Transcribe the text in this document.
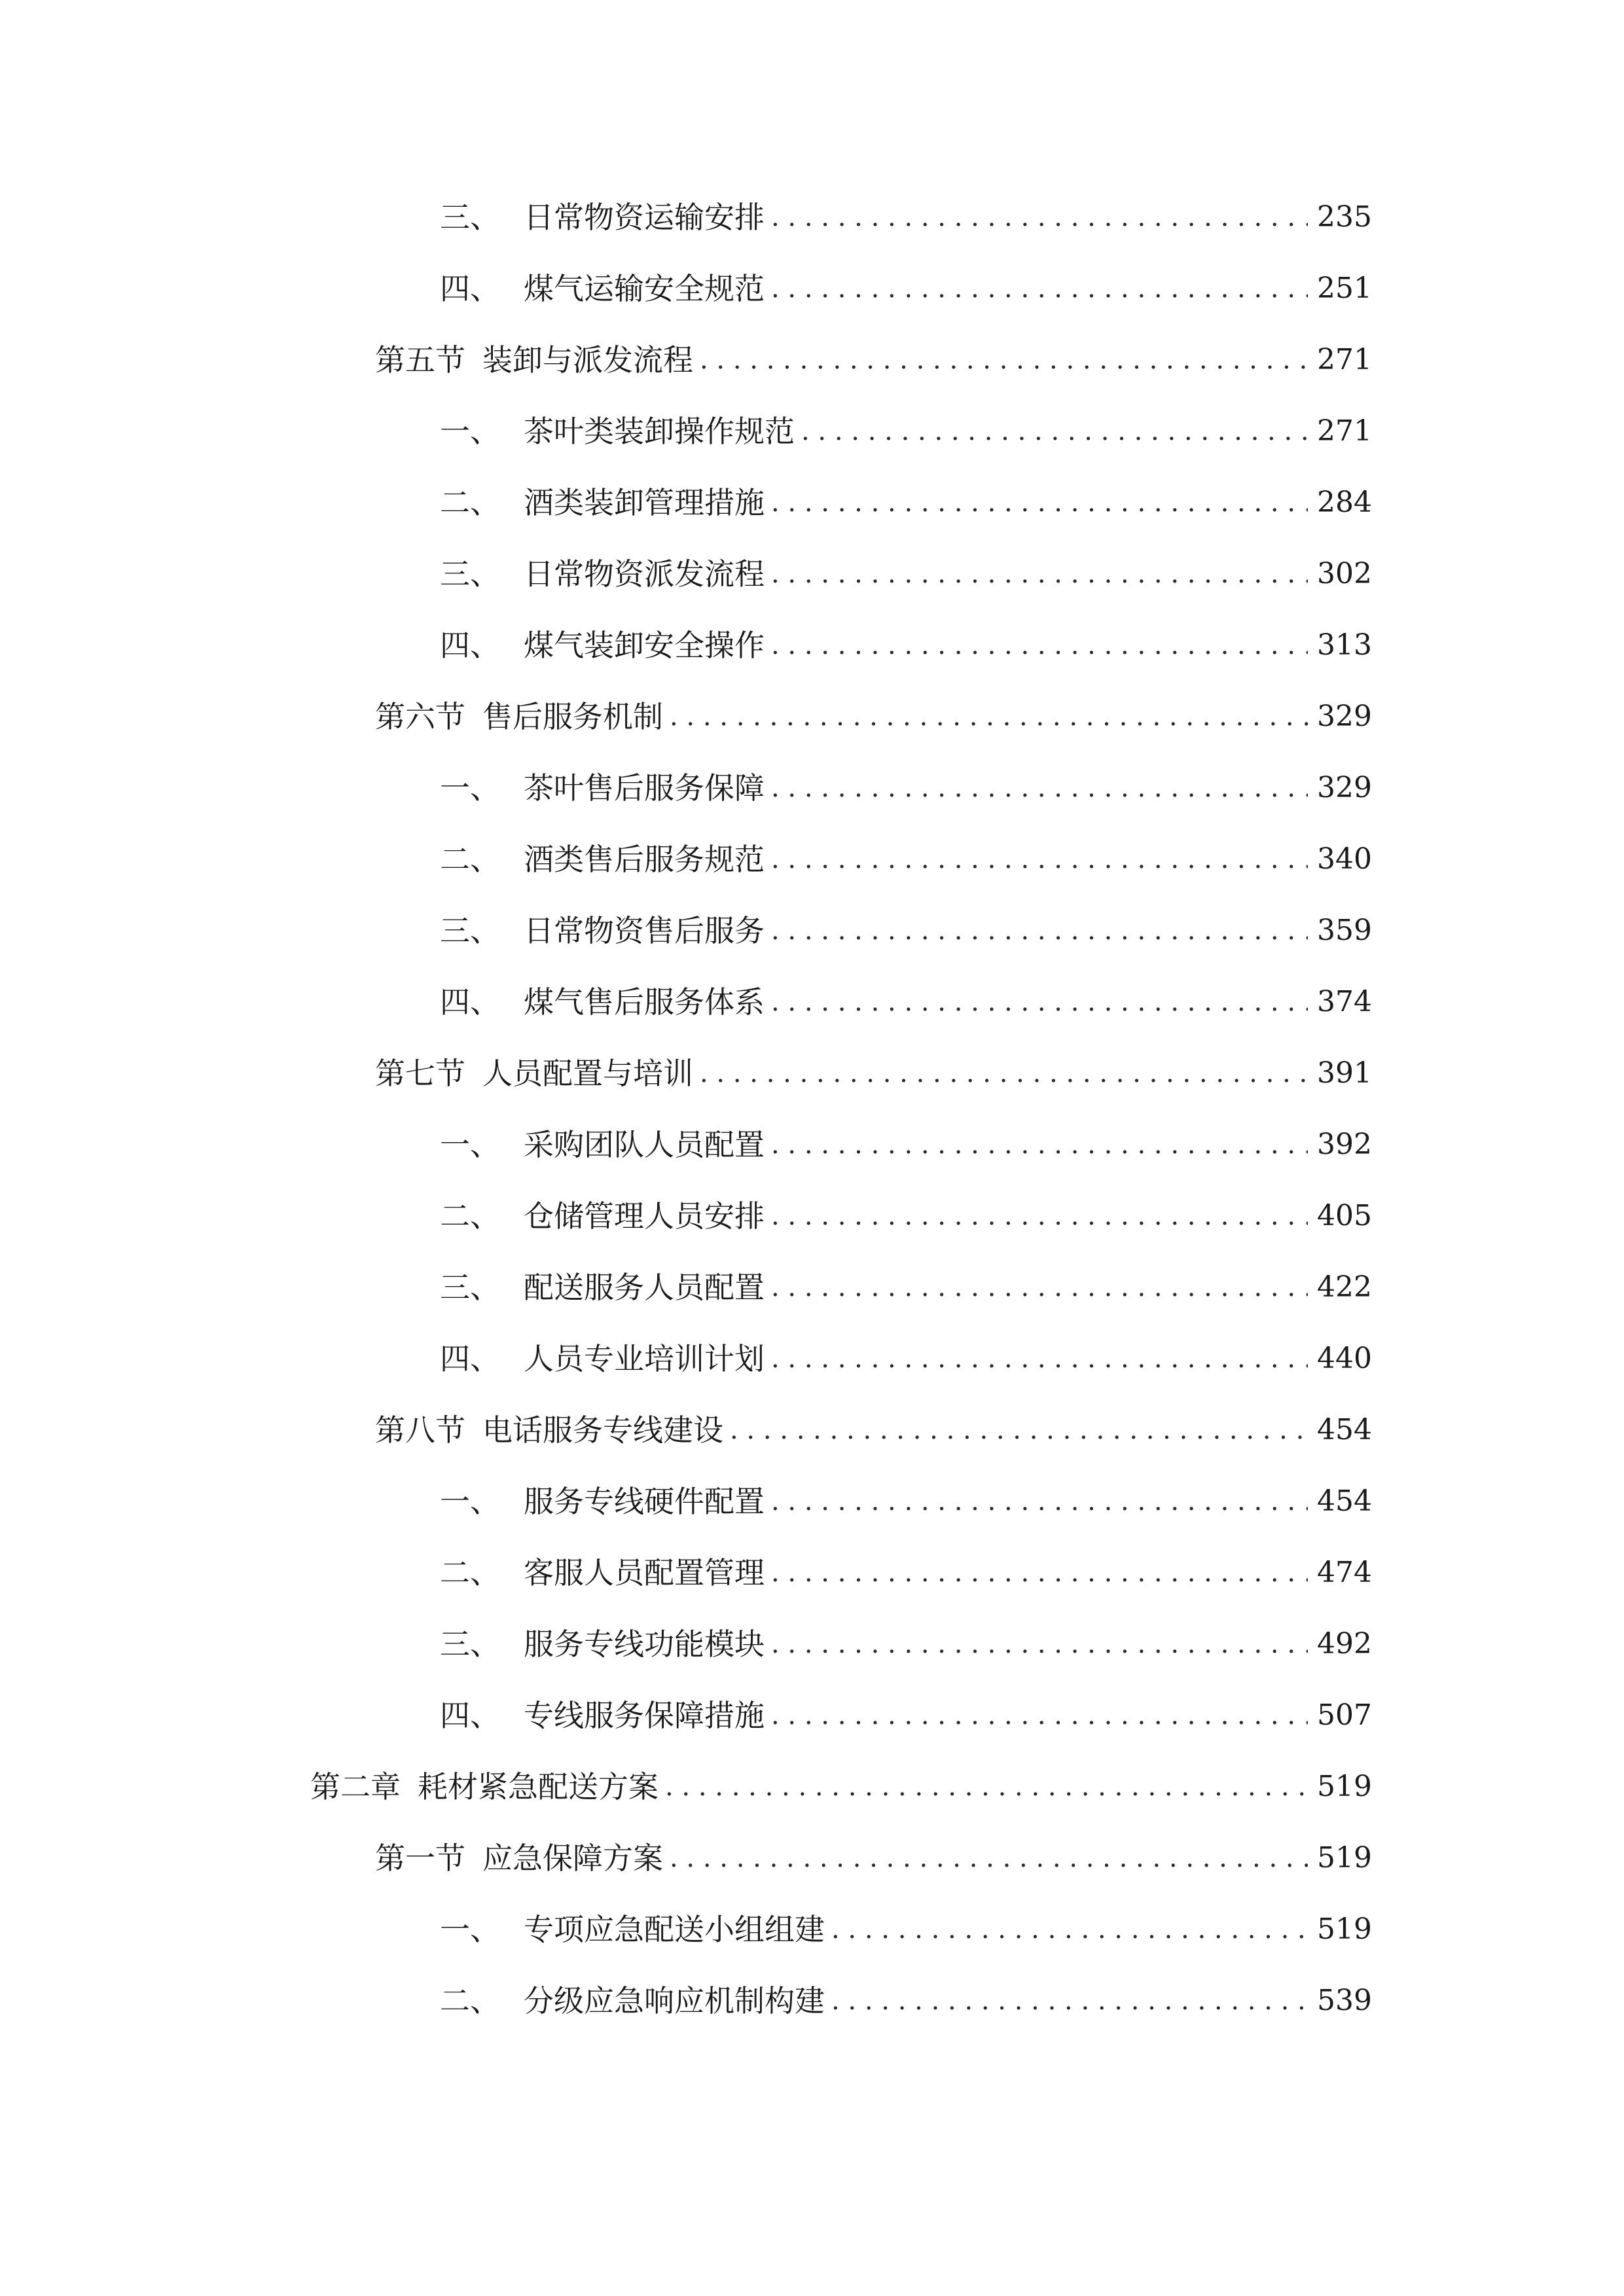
三、 日常物资运输安排 . . .	235
四、 煤气运输安全规范 . . .	251
第五节 装卸与派发流程 . . .	271
一、 茶叶类装卸操作规范 . . .	271
二、 酒类装卸管理措施 . . .	284
三、 日常物资派发流程 . . .	302
四、 煤气装卸安全操作 . . .	313
第六节 售后服务机制 . . .	329
一、 茶叶售后服务保障 . . .	329
二、 酒类售后服务规范 . . .	340
三、 日常物资售后服务 . . .	359
四、 煤气售后服务体系 . . .	374
第七节 人员配置与培训 . . .	391
一、 采购团队人员配置 . . .	392
二、 仓储管理人员安排 . . .	405
三、 配送服务人员配置 . . .	422
四、 人员专业培训计划 . . .	440
第八节 电话服务专线建设 . . .	454
一、 服务专线硬件配置 . . .	454
二、 客服人员配置管理 . . .	474
三、 服务专线功能模块 . . .	492
四、 专线服务保障措施 . . .	507
第二章 耗材紧急配送方案 . . .	519
第一节 应急保障方案 . . .	519
一、 专项应急配送小组组建 . . .	519
二、 分级应急响应机制构建 . . .	539
